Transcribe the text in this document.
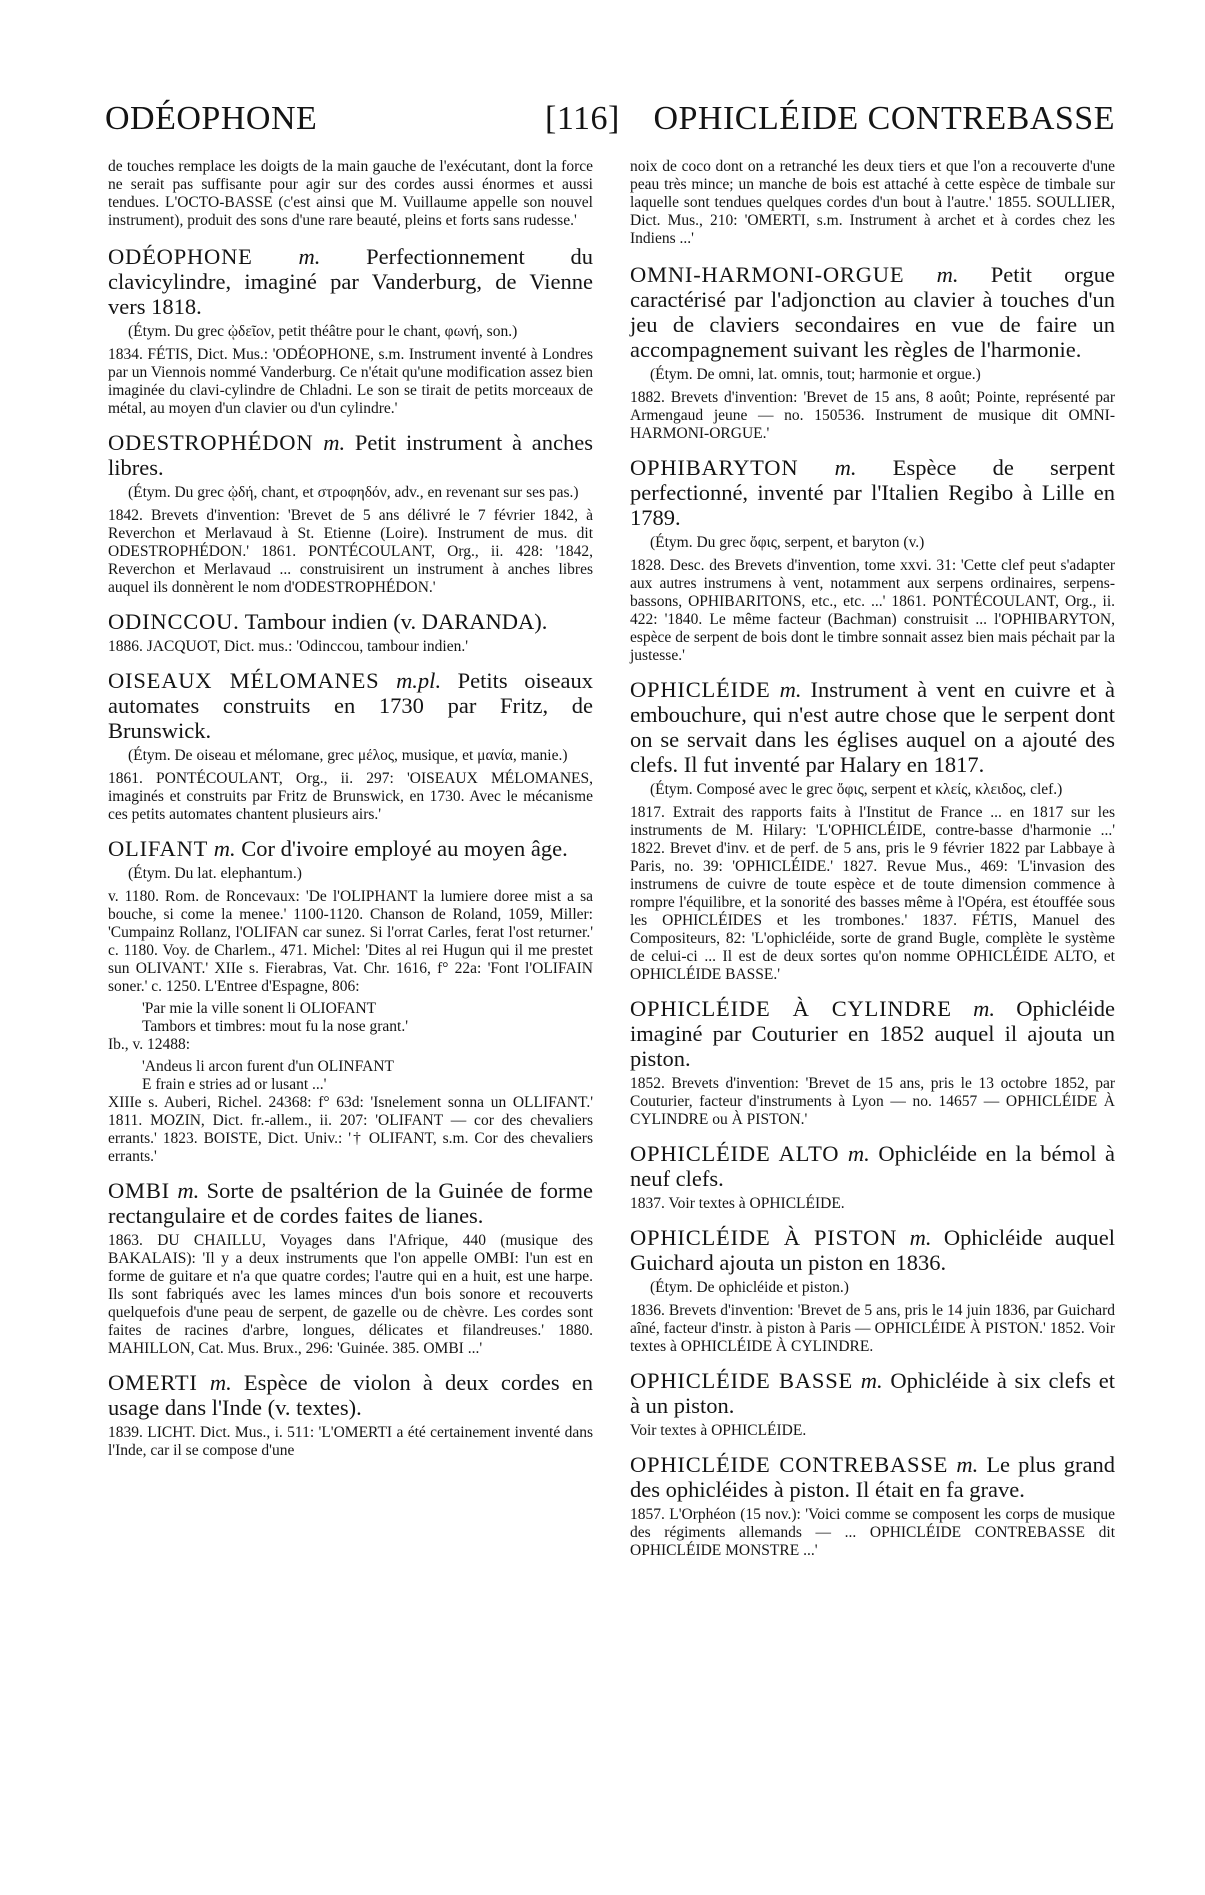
ODÉOPHONE	[116] OPHICLÉIDE CONTREBASSE

de touches remplace les doigts de la main gauche de l'exécutant, dont la force ne serait pas suffisante pour agir sur des cordes aussi énormes et aussi tendues. L'OCTO-BASSE (c'est ainsi que M. Vuillaume appelle son nouvel instrument), produit des sons d'une rare beauté, pleins et forts sans rudesse.'

ODÉOPHONE m. Perfectionnement du clavicylindre, imaginé par Vanderburg, de Vienne vers 1818.

(Étym. Du grec ᾠδεῖον, petit théâtre pour le chant, φωνή, son.)

1834. FÉTIS, Dict. Mus.: 'ODÉOPHONE, s.m. Instrument inventé à Londres par un Viennois nommé Vanderburg. Ce n'était qu'une modification assez bien imaginée du clavi-cylindre de Chladni. Le son se tirait de petits morceaux de métal, au moyen d'un clavier ou d'un cylindre.'

ODESTROPHÉDON m. Petit instrument à anches libres.

(Étym. Du grec ᾠδή, chant, et στροφηδόν, adv., en revenant sur ses pas.)

1842. Brevets d'invention: 'Brevet de 5 ans délivré le 7 février 1842, à Reverchon et Merlavaud à St. Etienne (Loire). Instrument de mus. dit ODESTROPHÉDON.' 1861. PONTÉCOULANT, Org., ii. 428: '1842, Reverchon et Merlavaud ... construisirent un instrument à anches libres auquel ils donnèrent le nom d'ODESTROPHÉDON.'

ODINCCOU. Tambour indien (v. DARANDA).

1886. JACQUOT, Dict. mus.: 'Odinccou, tambour indien.'

OISEAUX MÉLOMANES m.pl. Petits oiseaux automates construits en 1730 par Fritz, de Brunswick.

(Étym. De oiseau et mélomane, grec μέλος, musique, et μανία, manie.)

1861. PONTÉCOULANT, Org., ii. 297: 'OISEAUX MÉLOMANES, imaginés et construits par Fritz de Brunswick, en 1730. Avec le mécanisme ces petits automates chantent plusieurs airs.'

OLIFANT m. Cor d'ivoire employé au moyen âge.

(Étym. Du lat. elephantum.)

v. 1180. Rom. de Roncevaux: 'De l'OLIPHANT la lumiere doree mist a sa bouche, si come la menee.' 1100-1120. Chanson de Roland, 1059, Miller: 'Cumpainz Rollanz, l'OLIFAN car sunez. Si l'orrat Carles, ferat l'ost returner.' c. 1180. Voy. de Charlem., 471. Michel: 'Dites al rei Hugun qui il me prestet sun OLIVANT.' XIIe s. Fierabras, Vat. Chr. 1616, f° 22a: 'Font l'OLIFAIN soner.' c. 1250. L'Entree d'Espagne, 806:

'Par mie la ville sonent li OLIOFANT

Tambors et timbres: mout fu la nose grant.'

Ib., v. 12488:

'Andeus li arcon furent d'un OLINFANT

E frain e stries ad or lusant ...'

XIIIe s. Auberi, Richel. 24368: f° 63d: 'Isnelement sonna un OLLIFANT.' 1811. MOZIN, Dict. fr.-allem., ii. 207: 'OLIFANT — cor des chevaliers errants.' 1823. BOISTE, Dict. Univ.: '† OLIFANT, s.m. Cor des chevaliers errants.'

OMBI m. Sorte de psaltérion de la Guinée de forme rectangulaire et de cordes faites de lianes.

1863. DU CHAILLU, Voyages dans l'Afrique, 440 (musique des BAKALAIS): 'Il y a deux instruments que l'on appelle OMBI: l'un est en forme de guitare et n'a que quatre cordes; l'autre qui en a huit, est une harpe. Ils sont fabriqués avec les lames minces d'un bois sonore et recouverts quelquefois d'une peau de serpent, de gazelle ou de chèvre. Les cordes sont faites de racines d'arbre, longues, délicates et filandreuses.' 1880. MAHILLON, Cat. Mus. Brux., 296: 'Guinée. 385. OMBI ...'

OMERTI m. Espèce de violon à deux cordes en usage dans l'Inde (v. textes).

1839. LICHT. Dict. Mus., i. 511: 'L'OMERTI a été certainement inventé dans l'Inde, car il se compose d'une

noix de coco dont on a retranché les deux tiers et que l'on a recouverte d'une peau très mince; un manche de bois est attaché à cette espèce de timbale sur laquelle sont tendues quelques cordes d'un bout à l'autre.' 1855. SOULLIER, Dict. Mus., 210: 'OMERTI, s.m. Instrument à archet et à cordes chez les Indiens ...'

OMNI-HARMONI-ORGUE m. Petit orgue caractérisé par l'adjonction au clavier à touches d'un jeu de claviers secondaires en vue de faire un accompagnement suivant les règles de l'harmonie.

(Étym. De omni, lat. omnis, tout; harmonie et orgue.)

1882. Brevets d'invention: 'Brevet de 15 ans, 8 août; Pointe, représenté par Armengaud jeune — no. 150536. Instrument de musique dit OMNI-HARMONI-ORGUE.'

OPHIBARYTON m. Espèce de serpent perfectionné, inventé par l'Italien Regibo à Lille en 1789.

(Étym. Du grec ὄφις, serpent, et baryton (v.)

1828. Desc. des Brevets d'invention, tome xxvi. 31: 'Cette clef peut s'adapter aux autres instrumens à vent, notamment aux serpens ordinaires, serpens-bassons, OPHIBARITONS, etc., etc. ...' 1861. PONTÉCOULANT, Org., ii. 422: '1840. Le même facteur (Bachman) construisit ... l'OPHIBARYTON, espèce de serpent de bois dont le timbre sonnait assez bien mais péchait par la justesse.'

OPHICLÉIDE m. Instrument à vent en cuivre et à embouchure, qui n'est autre chose que le serpent dont on se servait dans les églises auquel on a ajouté des clefs. Il fut inventé par Halary en 1817.

(Étym. Composé avec le grec ὄφις, serpent et κλείς, κλειδος, clef.)

1817. Extrait des rapports faits à l'Institut de France ... en 1817 sur les instruments de M. Hilary: 'L'OPHICLÉIDE, contre-basse d'harmonie ...' 1822. Brevet d'inv. et de perf. de 5 ans, pris le 9 février 1822 par Labbaye à Paris, no. 39: 'OPHICLÉIDE.' 1827. Revue Mus., 469: 'L'invasion des instrumens de cuivre de toute espèce et de toute dimension commence à rompre l'équilibre, et la sonorité des basses même à l'Opéra, est étouffée sous les OPHICLÉIDES et les trombones.' 1837. FÉTIS, Manuel des Compositeurs, 82: 'L'ophicléide, sorte de grand Bugle, complète le système de celui-ci ... Il est de deux sortes qu'on nomme OPHICLÉIDE ALTO, et OPHICLÉIDE BASSE.'

OPHICLÉIDE À CYLINDRE m. Ophicléide imaginé par Couturier en 1852 auquel il ajouta un piston.

1852. Brevets d'invention: 'Brevet de 15 ans, pris le 13 octobre 1852, par Couturier, facteur d'instruments à Lyon — no. 14657 — OPHICLÉIDE À CYLINDRE ou À PISTON.'

OPHICLÉIDE ALTO m. Ophicléide en la bémol à neuf clefs.

1837. Voir textes à OPHICLÉIDE.

OPHICLÉIDE À PISTON m. Ophicléide auquel Guichard ajouta un piston en 1836.

(Étym. De ophicléide et piston.)

1836. Brevets d'invention: 'Brevet de 5 ans, pris le 14 juin 1836, par Guichard aîné, facteur d'instr. à piston à Paris — OPHICLÉIDE À PISTON.' 1852. Voir textes à OPHICLÉIDE À CYLINDRE.

OPHICLÉIDE BASSE m. Ophicléide à six clefs et à un piston.

Voir textes à OPHICLÉIDE.

OPHICLÉIDE CONTREBASSE m. Le plus grand des ophicléides à piston. Il était en fa grave.

1857. L'Orphéon (15 nov.): 'Voici comme se composent les corps de musique des régiments allemands — ... OPHICLÉIDE CONTREBASSE dit OPHICLÉIDE MONSTRE ...'
